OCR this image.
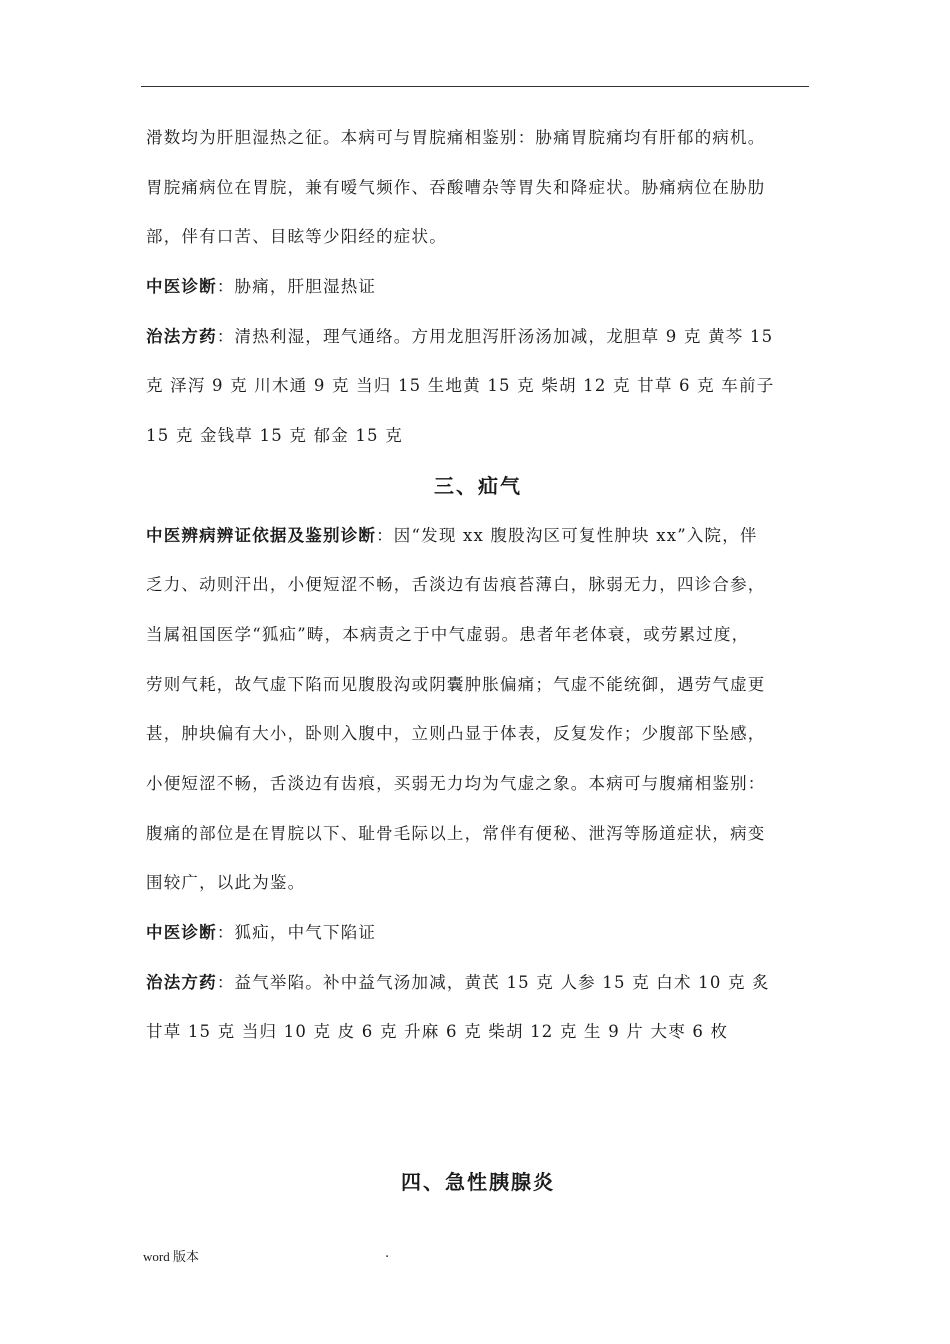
滑数均为肝胆湿热之征。本病可与胃脘痛相鉴别：胁痛胃脘痛均有肝郁的病机。
胃脘痛病位在胃脘，兼有嗳气频作、吞酸嘈杂等胃失和降症状。胁痛病位在胁肋
部，伴有口苦、目眩等少阳经的症状。
中医诊断：胁痛，肝胆湿热证
治法方药：清热利湿，理气通络。方用龙胆泻肝汤汤加减，龙胆草 9 克 黄芩 15
克 泽泻 9 克 川木通 9 克 当归 15 生地黄 15 克 柴胡 12 克 甘草 6 克 车前子
15 克 金钱草 15 克 郁金 15 克
三、疝气
中医辨病辨证依据及鉴别诊断：因“发现 xx 腹股沟区可复性肿块 xx”入院，伴
乏力、动则汗出，小便短涩不畅，舌淡边有齿痕苔薄白，脉弱无力，四诊合参，
当属祖国医学“狐疝”畴，本病责之于中气虚弱。患者年老体衰，或劳累过度，
劳则气耗，故气虚下陷而见腹股沟或阴囊肿胀偏痛；气虚不能统御，遇劳气虚更
甚，肿块偏有大小，卧则入腹中，立则凸显于体表，反复发作；少腹部下坠感，
小便短涩不畅，舌淡边有齿痕，买弱无力均为气虚之象。本病可与腹痛相鉴别：
腹痛的部位是在胃脘以下、耻骨毛际以上，常伴有便秘、泄泻等肠道症状，病变
围较广，以此为鉴。
中医诊断：狐疝，中气下陷证
治法方药：益气举陷。补中益气汤加减，黄芪 15 克 人参 15 克 白术 10 克 炙
甘草 15 克 当归 10 克 皮 6 克 升麻 6 克 柴胡 12 克 生 9 片 大枣 6 枚
四、急性胰腺炎
word 版本	.
